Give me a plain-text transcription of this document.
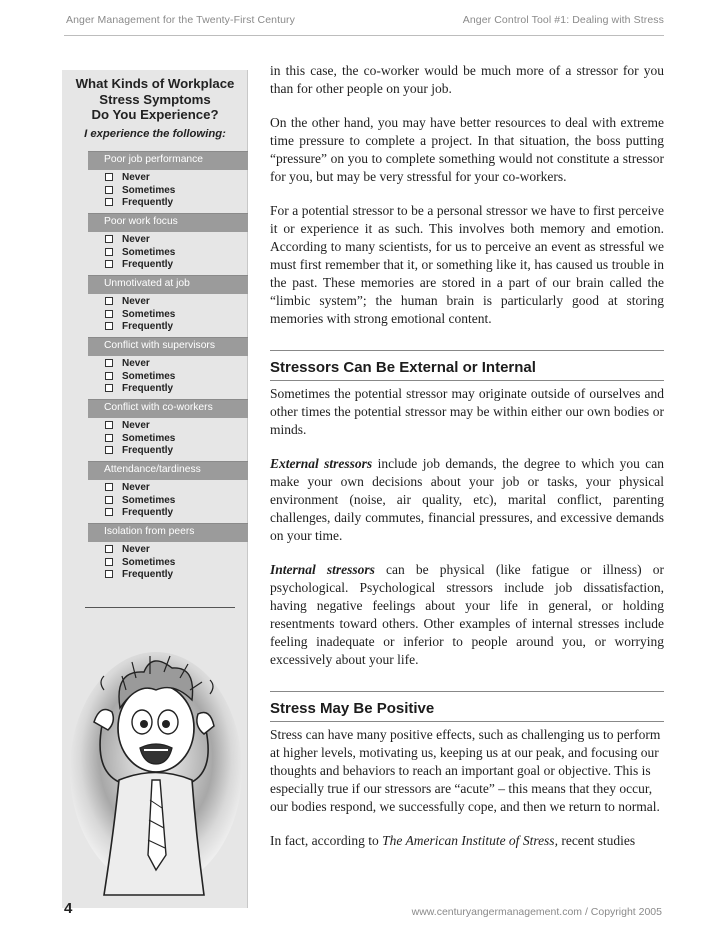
Anger Management for the Twenty-First Century	Anger Control Tool #1: Dealing with Stress
What Kinds of Workplace
Stress Symptoms
Do You Experience?
I experience the following:
Poor job performance
Never
Sometimes
Frequently
Poor work focus
Never
Sometimes
Frequently
Unmotivated at job
Never
Sometimes
Frequently
Conflict with supervisors
Never
Sometimes
Frequently
Conflict with co-workers
Never
Sometimes
Frequently
Attendance/tardiness
Never
Sometimes
Frequently
Isolation from peers
Never
Sometimes
Frequently

in this case, the co-worker would be much more of a stressor for you than for other people on your job.

On the other hand, you may have better resources to deal with extreme time pressure to complete a project. In that situation, the boss putting “pressure” on you to complete something would not constitute a stressor for you, but may be very stressful for your co-workers.

For a potential stressor to be a personal stressor we have to first perceive it or experience it as such. This involves both memory and emotion. According to many scientists, for us to perceive an event as stressful we must first remember that it, or something like it, has caused us trouble in the past. These memories are stored in a part of our brain called the “limbic system”; the human brain is particularly good at storing memories with strong emotional content.

Stressors Can Be External or Internal

Sometimes the potential stressor may originate outside of ourselves and other times the potential stressor may be within either our own bodies or minds.

External stressors include job demands, the degree to which you can make your own decisions about your job or tasks, your physical environment (noise, air quality, etc), marital conflict, parenting challenges, daily commutes, financial pressures, and excessive demands on your time.

Internal stressors can be physical (like fatigue or illness) or psychological. Psychological stressors include job dissatisfaction, having negative feelings about your life in general, or holding resentments toward others. Other examples of internal stresses include feeling inadequate or inferior to people around you, or worrying excessively about your life.

Stress May Be Positive

Stress can have many positive effects, such as challenging us to perform at higher levels, motivating us, keeping us at our peak, and focusing our thoughts and behaviors to reach an important goal or objective. This is especially true if our stressors are “acute” – this means that they occur, our bodies respond, we successfully cope, and then we return to normal.

In fact, according to The American Institute of Stress, recent studies

4	www.centuryangermanagement.com / Copyright 2005
